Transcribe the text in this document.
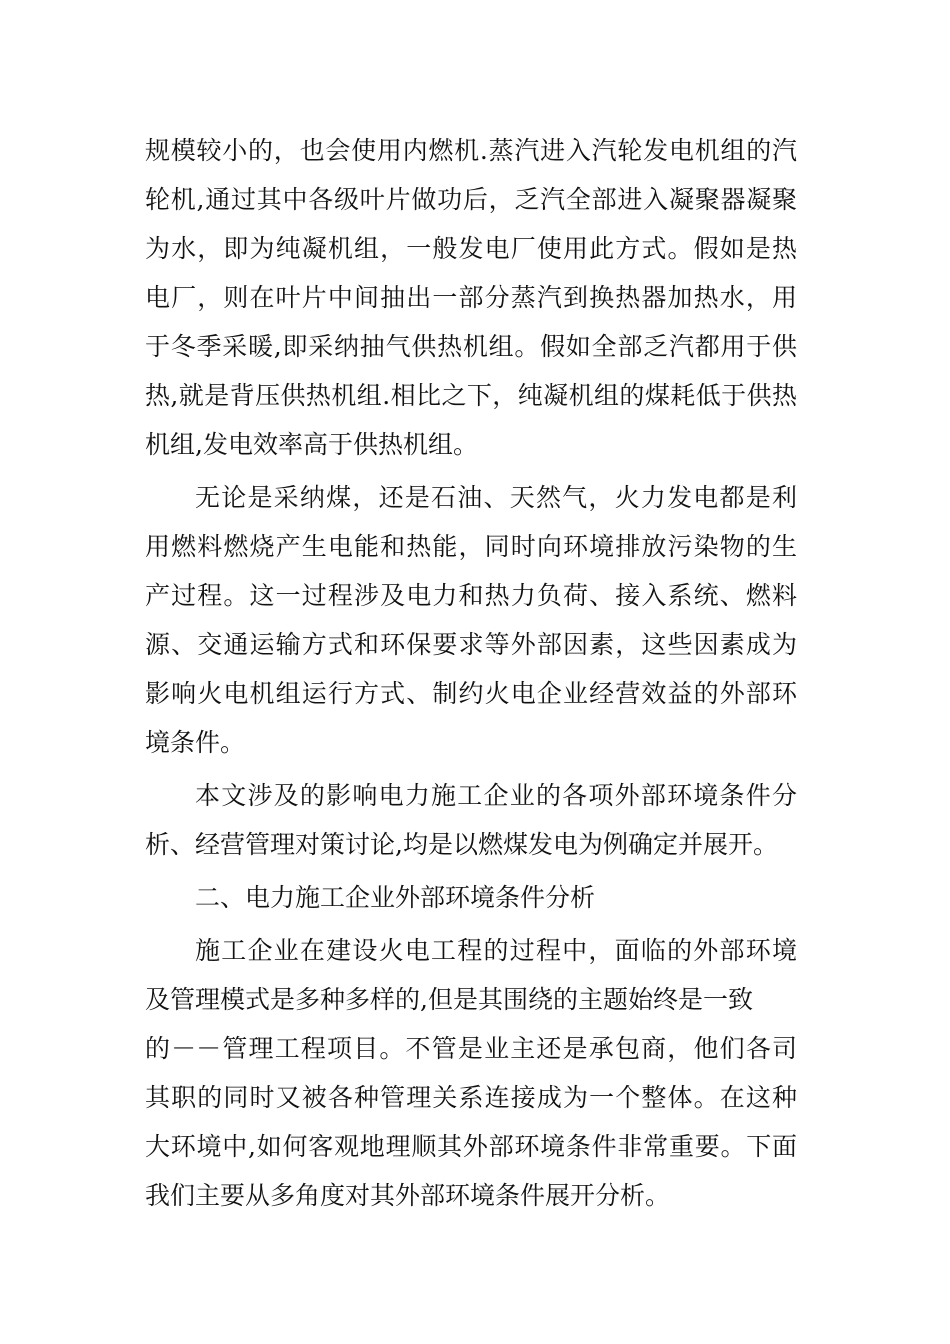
规模较小的，也会使用内燃机.蒸汽进入汽轮发电机组的汽
轮机,通过其中各级叶片做功后，乏汽全部进入凝聚器凝聚
为水，即为纯凝机组，一般发电厂使用此方式。假如是热
电厂，则在叶片中间抽出一部分蒸汽到换热器加热水，用
于冬季采暖,即采纳抽气供热机组。假如全部乏汽都用于供
热,就是背压供热机组.相比之下，纯凝机组的煤耗低于供热
机组,发电效率高于供热机组。
无论是采纳煤，还是石油、天然气，火力发电都是利
用燃料燃烧产生电能和热能，同时向环境排放污染物的生
产过程。这一过程涉及电力和热力负荷、接入系统、燃料
源、交通运输方式和环保要求等外部因素，这些因素成为
影响火电机组运行方式、制约火电企业经营效益的外部环
境条件。
本文涉及的影响电力施工企业的各项外部环境条件分
析、经营管理对策讨论,均是以燃煤发电为例确定并展开。
二、电力施工企业外部环境条件分析
施工企业在建设火电工程的过程中，面临的外部环境
及管理模式是多种多样的,但是其围绕的主题始终是一致
的－－管理工程项目。不管是业主还是承包商，他们各司
其职的同时又被各种管理关系连接成为一个整体。在这种
大环境中,如何客观地理顺其外部环境条件非常重要。下面
我们主要从多角度对其外部环境条件展开分析。
